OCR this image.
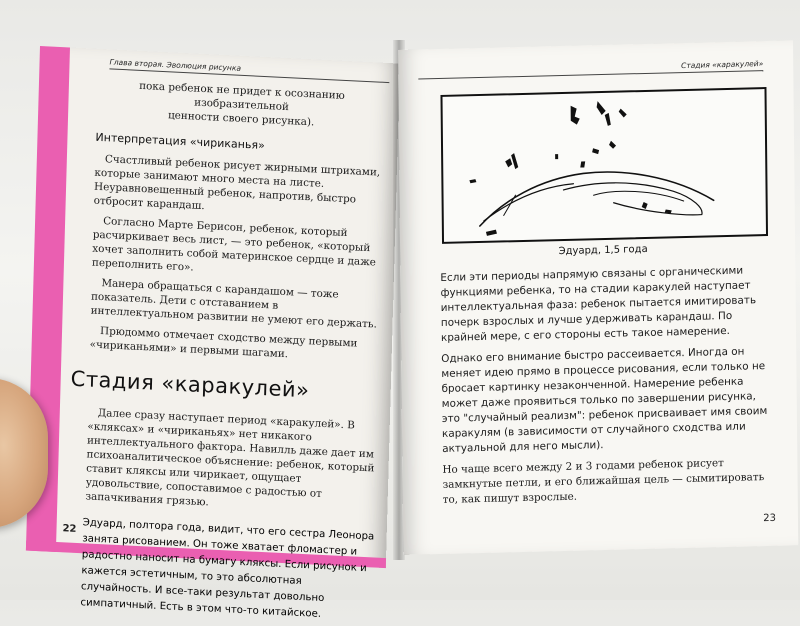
Глава вторая. Эволюция рисунка

пока ребенок не придет к осознанию изобразительной

ценности своего рисунка).

Интерпретация «чириканья»

Счастливый ребенок рисует жирными штрихами, которые занимают много места на листе. Неуравновешенный ребенок, напротив, быстро отбросит карандаш.

Согласно Марте Берисон, ребенок, который расчиркивает весь лист, — это ребенок, «который хочет заполнить собой материнское сердце и даже переполнить его».

Манера обращаться с карандашом — тоже показатель. Дети с отставанием в интеллектуальном развитии не умеют его держать.

Прюдоммо отмечает сходство между первыми «чириканьями» и первыми шагами.

Стадия «каракулей»

Далее сразу наступает период «каракулей». В «кляксах» и «чириканьях» нет никакого интеллектуального фактора. Навилль даже дает им психоаналитическое объяснение: ребенок, который ставит кляксы или чирикает, ощущает удовольствие, сопоставимое с радостью от запачкивания грязью.

Эдуард, полтора года, видит, что его сестра Леонора занята рисованием. Он тоже хватает фломастер и радостно наносит на бумагу кляксы. Если рисунок и кажется эстетичным, то это абсолютная случайность. И все-таки результат довольно симпатичный. Есть в этом что-то китайское.

22
Стадия «каракулей»
Эдуард, 1,5 года

Если эти периоды напрямую связаны с органическими функциями ребенка, то на стадии каракулей наступает интеллектуальная фаза: ребенок пытается имитировать почерк взрослых и лучше удерживать карандаш. По крайней мере, с его стороны есть такое намерение.

Однако его внимание быстро рассеивается. Иногда он меняет идею прямо в процессе рисования, если только не бросает картинку незаконченной. Намерение ребенка может даже проявиться только по завершении рисунка, это "случайный реализм": ребенок присваивает имя своим каракулям (в зависимости от случайного сходства или актуальной для него мысли).

Но чаще всего между 2 и 3 годами ребенок рисует замкнутые петли, и его ближайшая цель — сымитировать то, как пишут взрослые.

23
